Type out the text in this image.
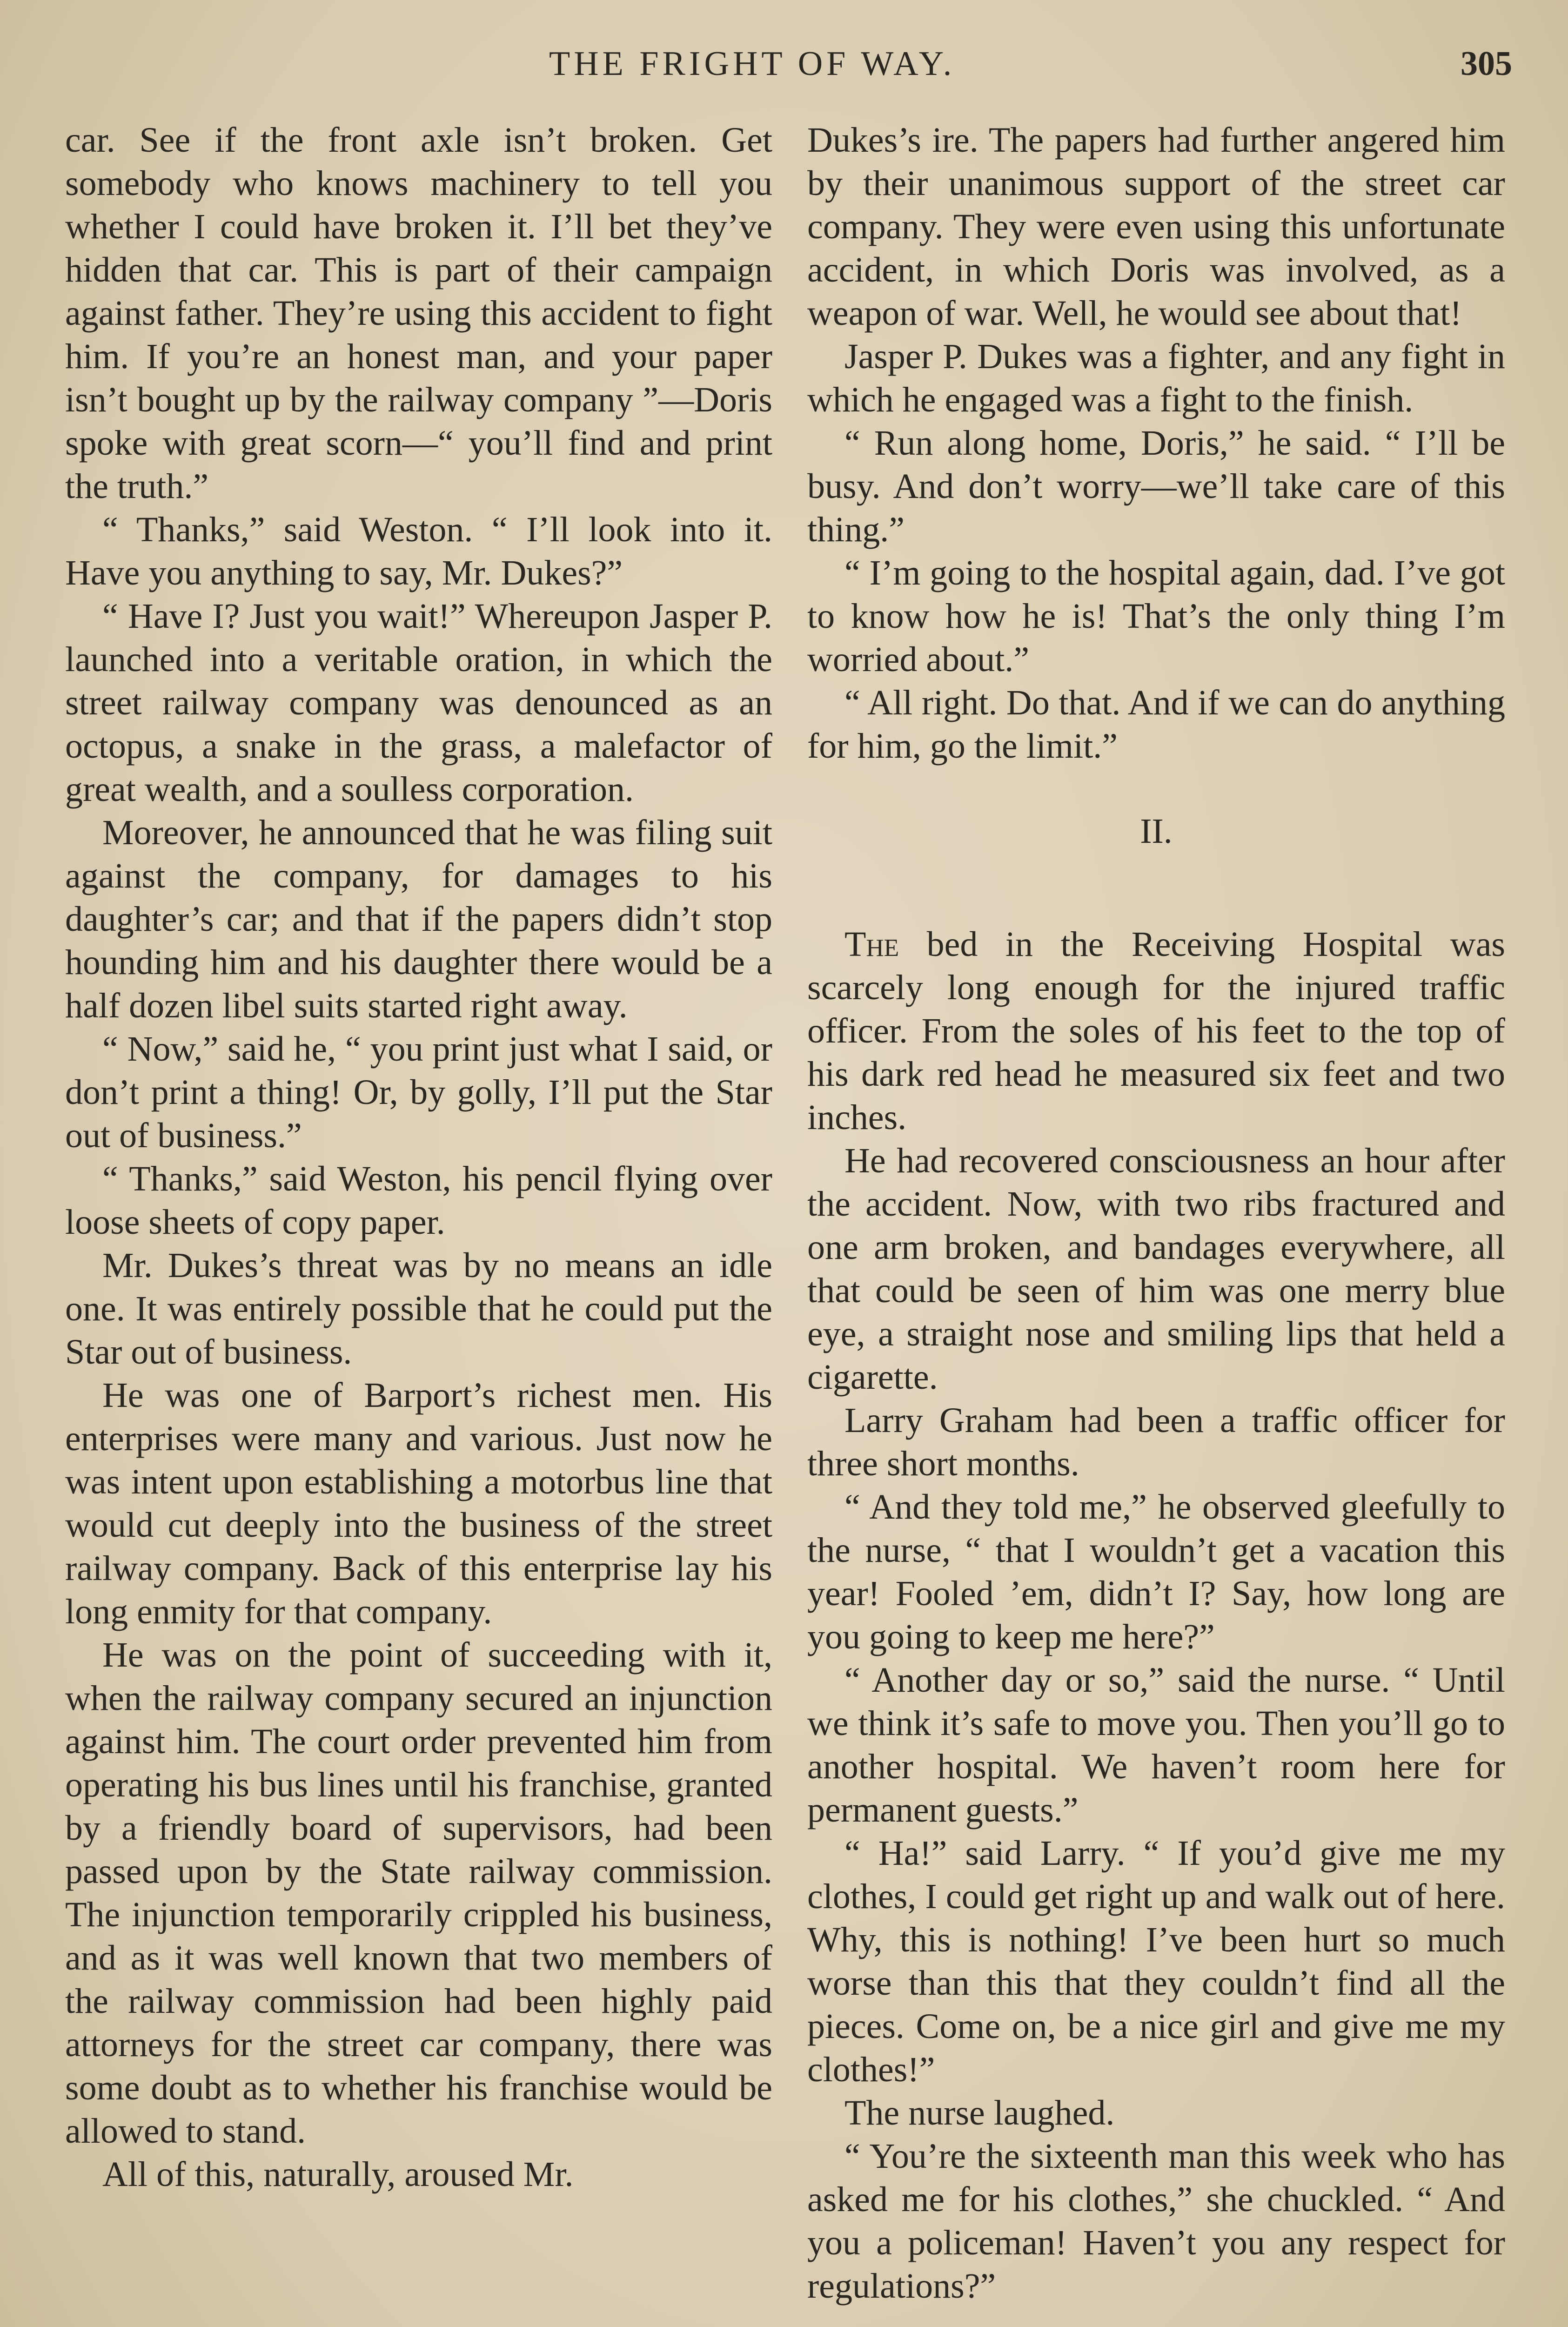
THE FRIGHT OF WAY.	305

car. See if the front axle isn’t broken. Get somebody who knows machinery to tell you whether I could have broken it. I’ll bet they’ve hidden that car. This is part of their campaign against father. They’re using this accident to fight him. If you’re an honest man, and your paper isn’t bought up by the railway company ”—Doris spoke with great scorn—“ you’ll find and print the truth.”

“ Thanks,” said Weston. “ I’ll look into it. Have you anything to say, Mr. Dukes?”

“ Have I? Just you wait!” Whereupon Jasper P. launched into a veritable oration, in which the street railway company was denounced as an octopus, a snake in the grass, a malefactor of great wealth, and a soulless corporation.

Moreover, he announced that he was filing suit against the company, for damages to his daughter’s car; and that if the papers didn’t stop hounding him and his daughter there would be a half dozen libel suits started right away.

“ Now,” said he, “ you print just what I said, or don’t print a thing! Or, by golly, I’ll put the Star out of business.”

“ Thanks,” said Weston, his pencil flying over loose sheets of copy paper.

Mr. Dukes’s threat was by no means an idle one. It was entirely possible that he could put the Star out of business.

He was one of Barport’s richest men. His enterprises were many and various. Just now he was intent upon establishing a motorbus line that would cut deeply into the business of the street railway company. Back of this enterprise lay his long enmity for that company.

He was on the point of succeeding with it, when the railway company secured an injunction against him. The court order prevented him from operating his bus lines until his franchise, granted by a friendly board of supervisors, had been passed upon by the State railway commission. The injunction temporarily crippled his business, and as it was well known that two members of the railway commission had been highly paid attorneys for the street car company, there was some doubt as to whether his franchise would be allowed to stand.

All of this, naturally, aroused Mr.

Dukes’s ire. The papers had further angered him by their unanimous support of the street car company. They were even using this unfortunate accident, in which Doris was involved, as a weapon of war. Well, he would see about that!

Jasper P. Dukes was a fighter, and any fight in which he engaged was a fight to the finish.

“ Run along home, Doris,” he said. “ I’ll be busy. And don’t worry—we’ll take care of this thing.”

“ I’m going to the hospital again, dad. I’ve got to know how he is! That’s the only thing I’m worried about.”

“ All right. Do that. And if we can do anything for him, go the limit.”

II.

The bed in the Receiving Hospital was scarcely long enough for the injured traffic officer. From the soles of his feet to the top of his dark red head he measured six feet and two inches.

He had recovered consciousness an hour after the accident. Now, with two ribs fractured and one arm broken, and bandages everywhere, all that could be seen of him was one merry blue eye, a straight nose and smiling lips that held a cigarette.

Larry Graham had been a traffic officer for three short months.

“ And they told me,” he observed gleefully to the nurse, “ that I wouldn’t get a vacation this year! Fooled ’em, didn’t I? Say, how long are you going to keep me here?”

“ Another day or so,” said the nurse. “ Until we think it’s safe to move you. Then you’ll go to another hospital. We haven’t room here for permanent guests.”

“ Ha!” said Larry. “ If you’d give me my clothes, I could get right up and walk out of here. Why, this is nothing! I’ve been hurt so much worse than this that they couldn’t find all the pieces. Come on, be a nice girl and give me my clothes!”

The nurse laughed.

“ You’re the sixteenth man this week who has asked me for his clothes,” she chuckled. “ And you a policeman! Haven’t you any respect for regulations?”
